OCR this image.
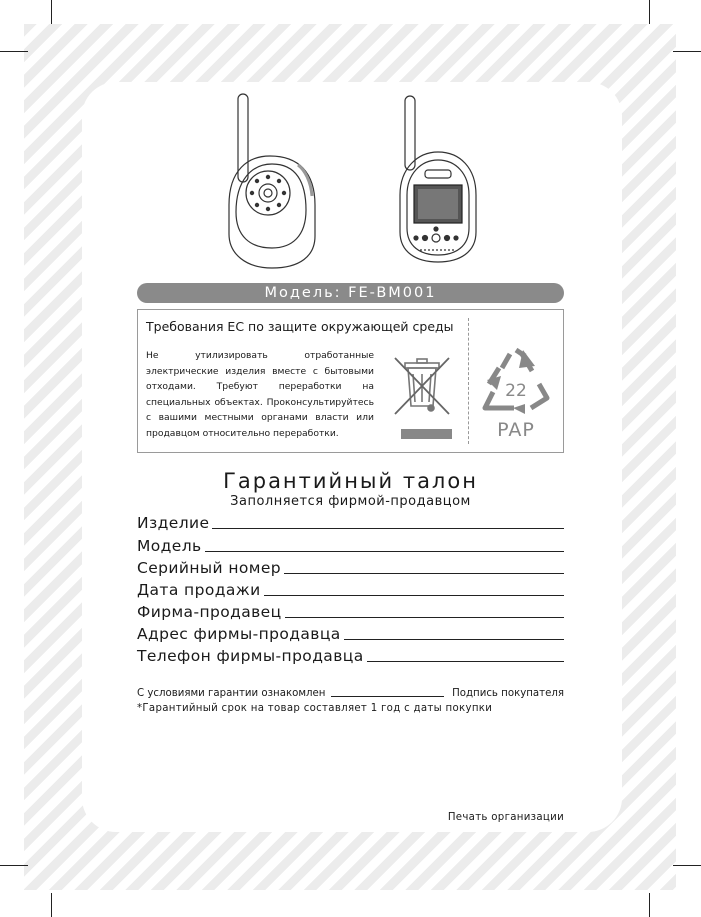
Модель: FE-BM001
Требования ЕС по защите окружающей среды
Не утилизировать отработанные электрические изделия вместе с бытовыми отходами. Требуют переработки на специальных объектах. Проконсультируйтесь с вашими местными органами власти или продавцом относительно переработки.
22
PAP
Гарантийный талон
Заполняется фирмой-продавцом
Изделие
Модель
Серийный номер
Дата продажи
Фирма-продавец
Адрес фирмы-продавца
Телефон фирмы-продавца
С условиями гарантии ознакомлен	Подпись покупателя
*Гарантийный срок на товар составляет 1 год с даты покупки
Печать организации
